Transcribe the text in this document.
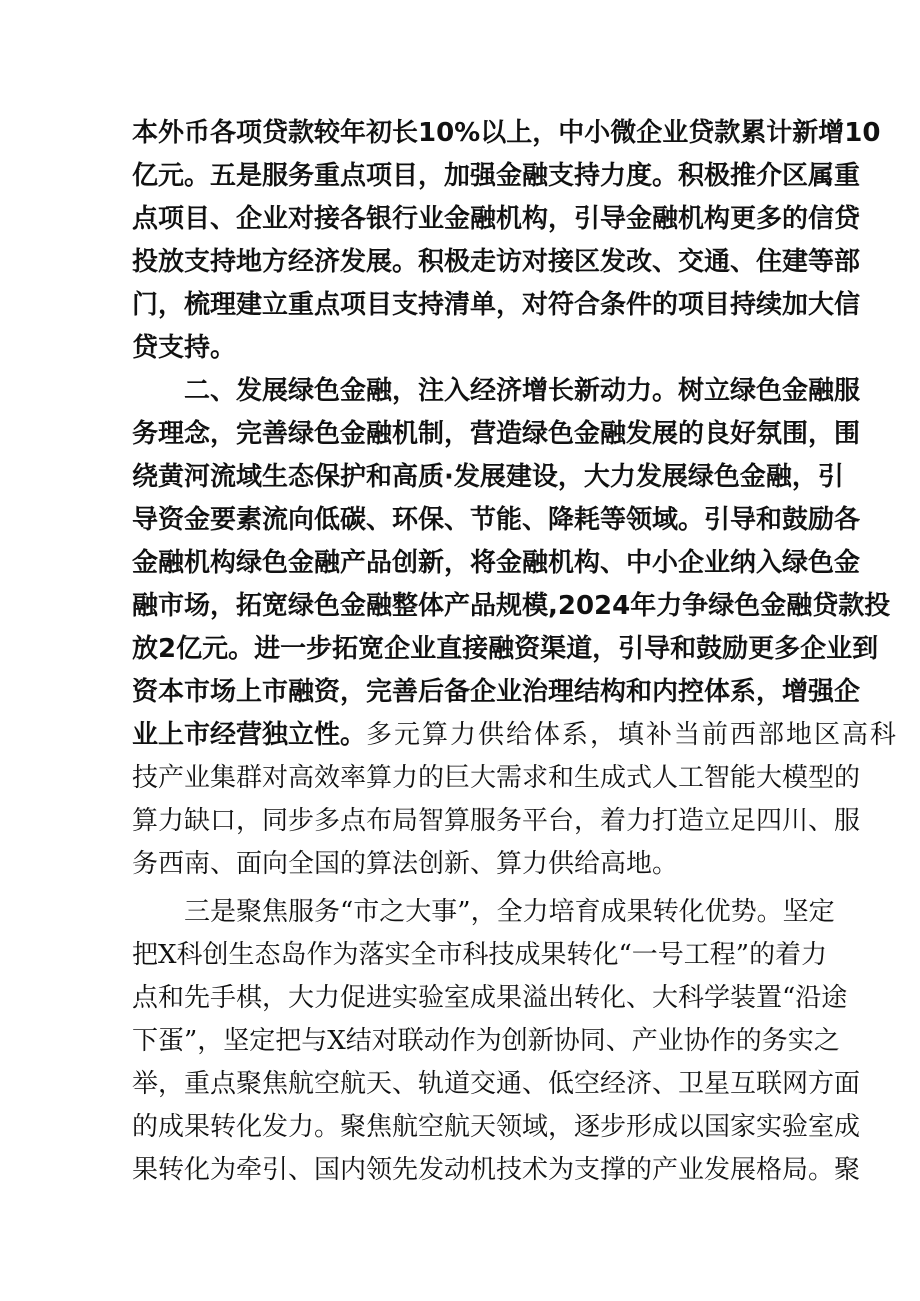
本外币各项贷款较年初长10%以上，中小微企业贷款累计新增10
亿元。五是服务重点项目，加强金融支持力度。积极推介区属重
点项目、企业对接各银行业金融机构，引导金融机构更多的信贷
投放支持地方经济发展。积极走访对接区发改、交通、住建等部
门，梳理建立重点项目支持清单，对符合条件的项目持续加大信
贷支持。
二、发展绿色金融，注入经济增长新动力。树立绿色金融服
务理念，完善绿色金融机制，营造绿色金融发展的良好氛围，围
绕黄河流域生态保护和高质·发展建设，大力发展绿色金融，引
导资金要素流向低碳、环保、节能、降耗等领域。引导和鼓励各
金融机构绿色金融产品创新，将金融机构、中小企业纳入绿色金
融市场，拓宽绿色金融整体产品规模,2024年力争绿色金融贷款投
放2亿元。进一步拓宽企业直接融资渠道，引导和鼓励更多企业到
资本市场上市融资，完善后备企业治理结构和内控体系，增强企
业上市经营独立性。多元算力供给体系，填补当前西部地区高科
技产业集群对高效率算力的巨大需求和生成式人工智能大模型的
算力缺口，同步多点布局智算服务平台，着力打造立足四川、服
务西南、面向全国的算法创新、算力供给高地。
三是聚焦服务“市之大事”，全力培育成果转化优势。坚定
把X科创生态岛作为落实全市科技成果转化“一号工程”的着力
点和先手棋，大力促进实验室成果溢出转化、大科学装置“沿途
下蛋”，坚定把与X结对联动作为创新协同、产业协作的务实之
举，重点聚焦航空航天、轨道交通、低空经济、卫星互联网方面
的成果转化发力。聚焦航空航天领域，逐步形成以国家实验室成
果转化为牵引、国内领先发动机技术为支撑的产业发展格局。聚
